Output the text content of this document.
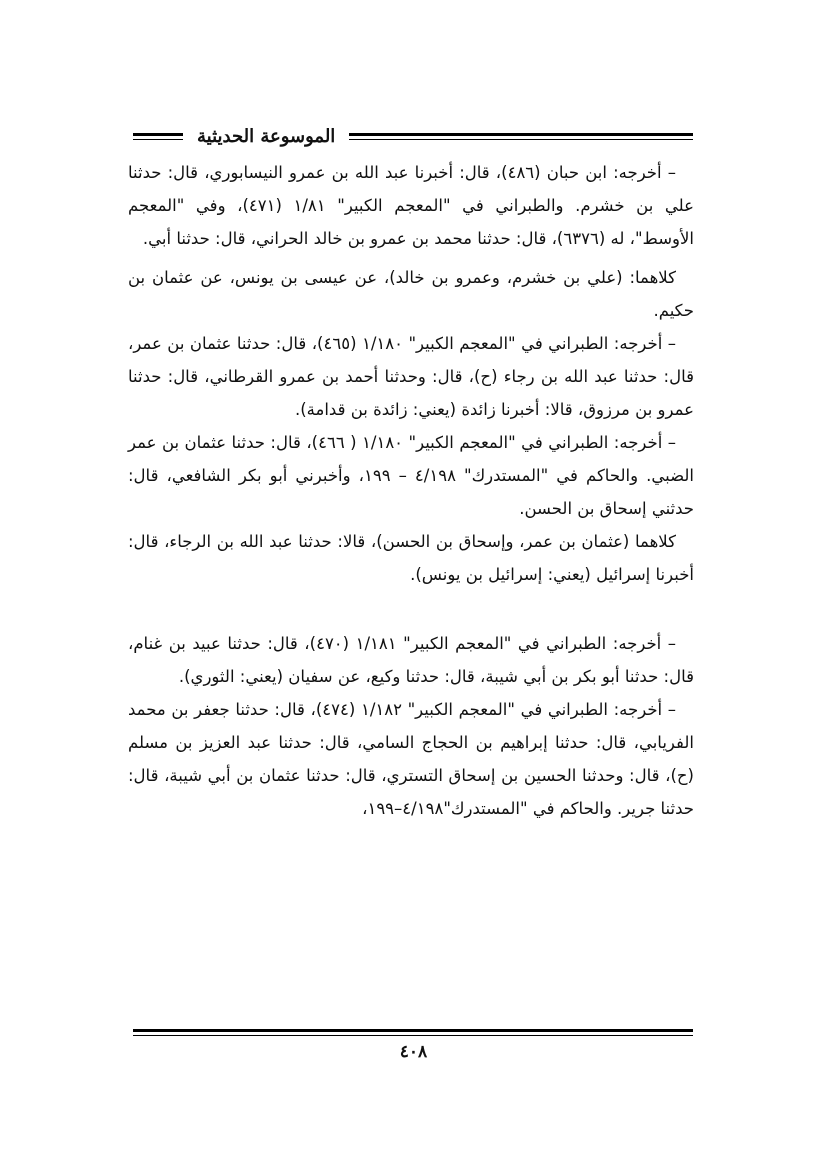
الموسوعة الحديثية

– أخرجه: ابن حبان (٤٨٦)، قال: أخبرنا عبد الله بن عمرو النيسابوري، قال: حدثنا علي بن خشرم. والطبراني في "المعجم الكبير" ١/٨١ (٤٧١)، وفي "المعجم الأوسط"، له (٦٣٧٦)، قال: حدثنا محمد بن عمرو بن خالد الحراني، قال: حدثنا أبي.

كلاهما: (علي بن خشرم، وعمرو بن خالد)، عن عيسى بن يونس، عن عثمان بن حكيم.

– أخرجه: الطبراني في "المعجم الكبير" ١/١٨٠ (٤٦٥)، قال: حدثنا عثمان بن عمر، قال: حدثنا عبد الله بن رجاء (ح)، قال: وحدثنا أحمد بن عمرو القرطاني، قال: حدثنا عمرو بن مرزوق، قالا: أخبرنا زائدة (يعني: زائدة بن قدامة).

– أخرجه: الطبراني في "المعجم الكبير" ١/١٨٠ ( ٤٦٦)، قال: حدثنا عثمان بن عمر الضبي. والحاكم في "المستدرك" ٤/١٩٨ – ١٩٩، وأخبرني أبو بكر الشافعي، قال: حدثني إسحاق بن الحسن.

كلاهما (عثمان بن عمر، وإسحاق بن الحسن)، قالا: حدثنا عبد الله بن الرجاء، قال: أخبرنا إسرائيل (يعني: إسرائيل بن يونس).

– أخرجه: الطبراني في "المعجم الكبير" ١/١٨١ (٤٧٠)، قال: حدثنا عبيد بن غنام، قال: حدثنا أبو بكر بن أبي شيبة، قال: حدثنا وكيع، عن سفيان (يعني: الثوري).

– أخرجه: الطبراني في "المعجم الكبير" ١/١٨٢ (٤٧٤)، قال: حدثنا جعفر بن محمد الفريابي، قال: حدثنا إبراهيم بن الحجاج السامي، قال: حدثنا عبد العزيز بن مسلم (ح)، قال: وحدثنا الحسين بن إسحاق التستري، قال: حدثنا عثمان بن أبي شيبة، قال: حدثنا جرير. والحاكم في "المستدرك"٤/١٩٨–١٩٩،

٤٠٨
